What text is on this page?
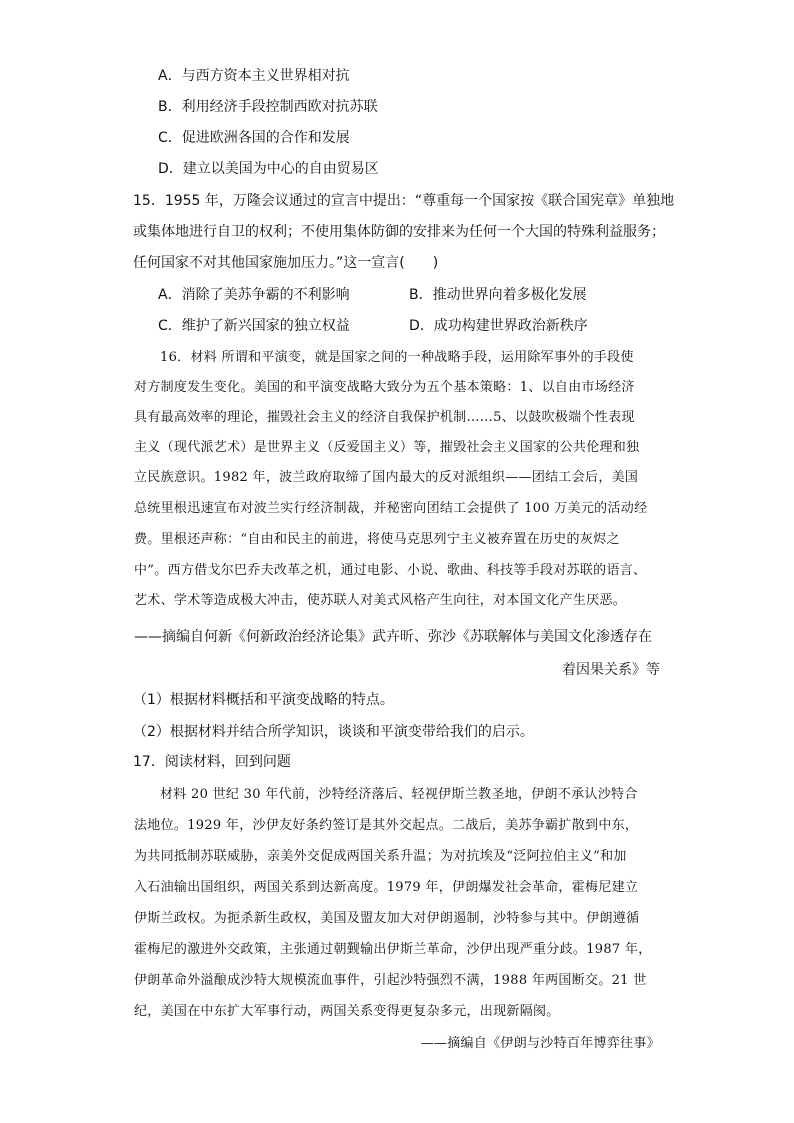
A．与西方资本主义世界相对抗
B．利用经济手段控制西欧对抗苏联
C．促进欧洲各国的合作和发展
D．建立以美国为中心的自由贸易区
15．1955 年，万隆会议通过的宣言中提出：“尊重每一个国家按《联合国宪章》单独地
或集体地进行自卫的权利；不使用集体防御的安排来为任何一个大国的特殊利益服务；
任何国家不对其他国家施加压力。”这一宣言(　　)
A．消除了美苏争霸的不利影响	B．推动世界向着多极化发展
C．维护了新兴国家的独立权益	D．成功构建世界政治新秩序
16．材料 所谓和平演变，就是国家之间的一种战略手段，运用除军事外的手段使
对方制度发生变化。美国的和平演变战略大致分为五个基本策略：1、以自由市场经济
具有最高效率的理论，摧毁社会主义的经济自我保护机制……5、以鼓吹极端个性表现
主义（现代派艺术）是世界主义（反爱国主义）等，摧毁社会主义国家的公共伦理和独
立民族意识。1982 年，波兰政府取缔了国内最大的反对派组织——团结工会后，美国
总统里根迅速宣布对波兰实行经济制裁，并秘密向团结工会提供了 100 万美元的活动经
费。里根还声称：“自由和民主的前进，将使马克思列宁主义被弃置在历史的灰烬之
中”。西方借戈尔巴乔夫改革之机，通过电影、小说、歌曲、科技等手段对苏联的语言、
艺术、学术等造成极大冲击，使苏联人对美式风格产生向往，对本国文化产生厌恶。
——摘编自何新《何新政治经济论集》武卉昕、弥沙《苏联解体与美国文化渗透存在
着因果关系》等
（1）根据材料概括和平演变战略的特点。
（2）根据材料并结合所学知识，谈谈和平演变带给我们的启示。
17．阅读材料，回到问题
材料 20 世纪 30 年代前，沙特经济落后、轻视伊斯兰教圣地，伊朗不承认沙特合
法地位。1929 年，沙伊友好条约签订是其外交起点。二战后，美苏争霸扩散到中东，
为共同抵制苏联威胁，亲美外交促成两国关系升温；为对抗埃及“泛阿拉伯主义”和加
入石油输出国组织，两国关系到达新高度。1979 年，伊朗爆发社会革命，霍梅尼建立
伊斯兰政权。为扼杀新生政权，美国及盟友加大对伊朗遏制，沙特参与其中。伊朗遵循
霍梅尼的激进外交政策，主张通过朝觐输出伊斯兰革命，沙伊出现严重分歧。1987 年，
伊朗革命外溢酿成沙特大规模流血事件，引起沙特强烈不满，1988 年两国断交。21 世
纪，美国在中东扩大军事行动，两国关系变得更复杂多元，出现新隔阂。
——摘编自《伊朗与沙特百年博弈往事》
